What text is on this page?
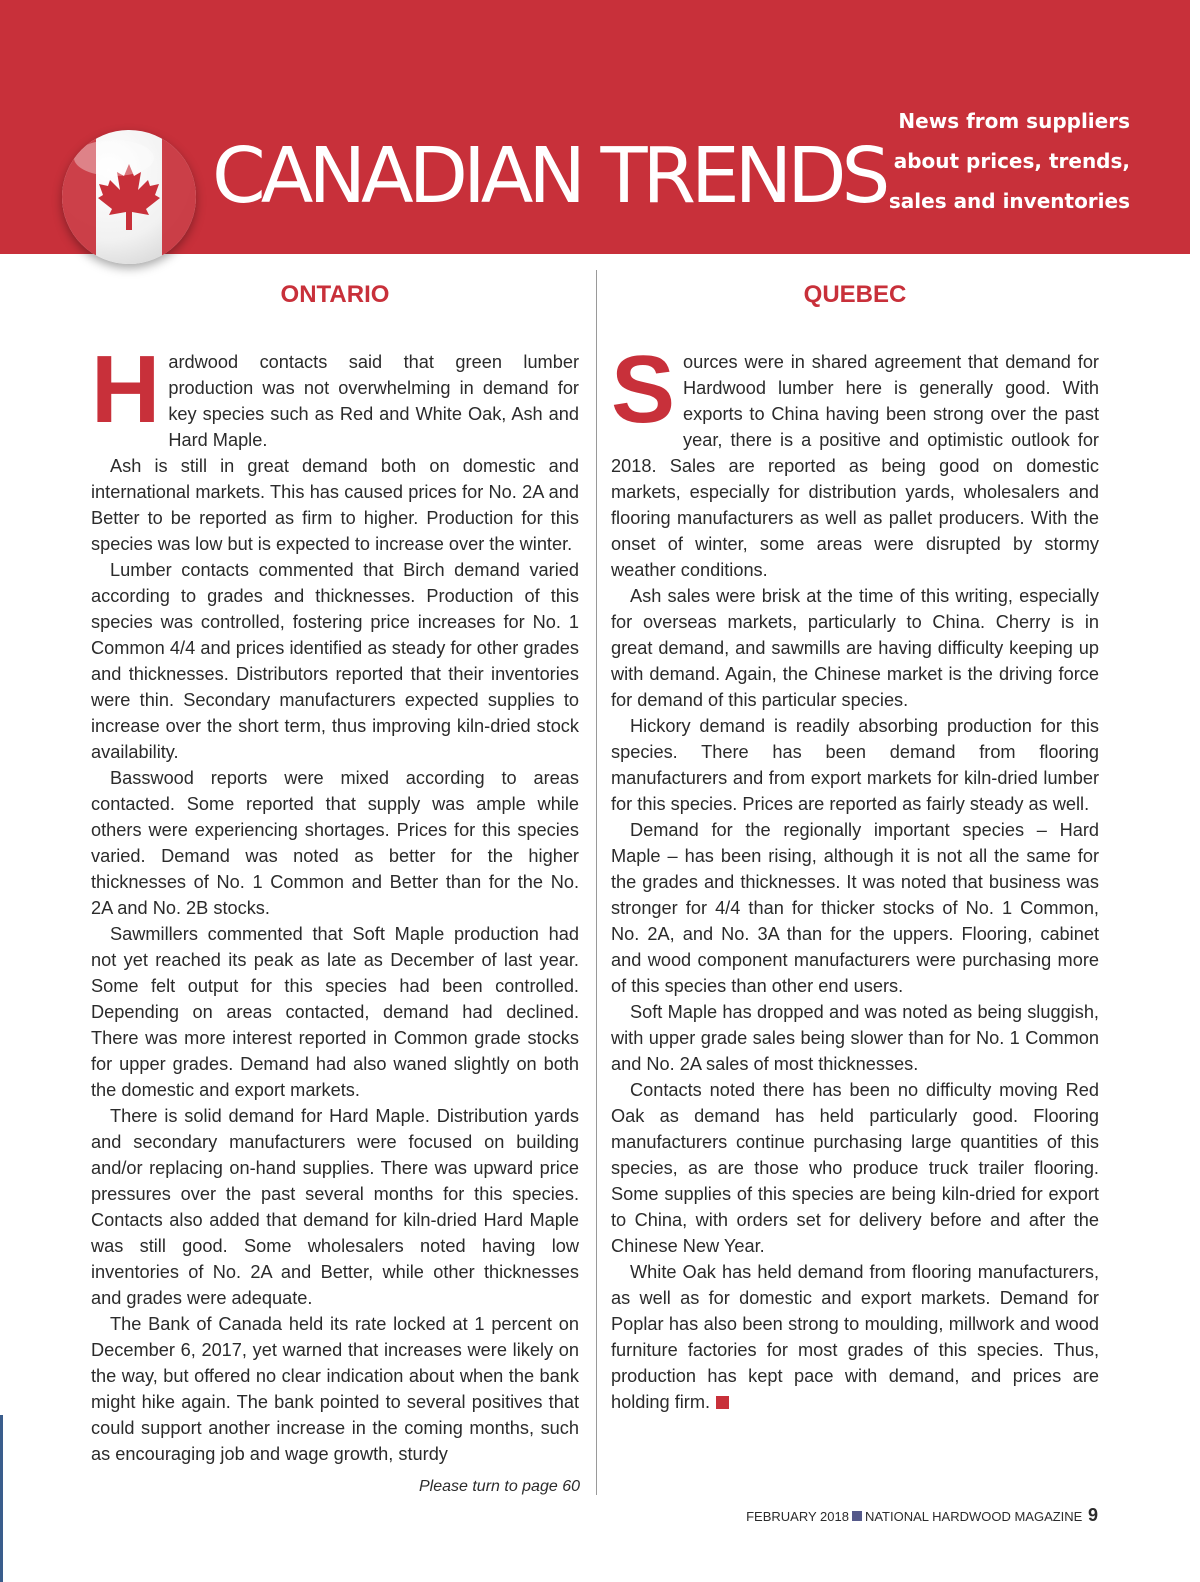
CANADIAN TRENDS
News from suppliers
about prices, trends,
sales and inventories
ONTARIO

Hardwood contacts said that green lumber production was not overwhelming in demand for key species such as Red and White Oak, Ash and Hard Maple.

Ash is still in great demand both on domestic and international markets. This has caused prices for No. 2A and Better to be reported as firm to higher. Production for this species was low but is expected to increase over the winter.

Lumber contacts commented that Birch demand varied according to grades and thicknesses. Production of this species was controlled, fostering price increases for No. 1 Common 4/4 and prices identified as steady for other grades and thicknesses. Distributors reported that their inventories were thin. Secondary manufacturers expected supplies to increase over the short term, thus improving kiln-dried stock availability.

Basswood reports were mixed according to areas contacted. Some reported that supply was ample while others were experiencing shortages. Prices for this species varied. Demand was noted as better for the higher thicknesses of No. 1 Common and Better than for the No. 2A and No. 2B stocks.

Sawmillers commented that Soft Maple production had not yet reached its peak as late as December of last year. Some felt output for this species had been controlled. Depending on areas contacted, demand had declined. There was more interest reported in Common grade stocks for upper grades. Demand had also waned slightly on both the domestic and export markets.

There is solid demand for Hard Maple. Distribution yards and secondary manufacturers were focused on building and/or replacing on-hand supplies. There was upward price pressures over the past several months for this species. Contacts also added that demand for kiln-dried Hard Maple was still good. Some wholesalers noted having low inventories of No. 2A and Better, while other thicknesses and grades were adequate.

The Bank of Canada held its rate locked at 1 percent on December 6, 2017, yet warned that increases were likely on the way, but offered no clear indication about when the bank might hike again. The bank pointed to several positives that could support another increase in the coming months, such as encouraging job and wage growth, sturdy

Please turn to page 60
QUEBEC

Sources were in shared agreement that demand for Hardwood lumber here is generally good. With exports to China having been strong over the past year, there is a positive and optimistic outlook for 2018. Sales are reported as being good on domestic markets, especially for distribution yards, wholesalers and flooring manufacturers as well as pallet producers. With the onset of winter, some areas were disrupted by stormy weather conditions.

Ash sales were brisk at the time of this writing, especially for overseas markets, particularly to China. Cherry is in great demand, and sawmills are having difficulty keeping up with demand. Again, the Chinese market is the driving force for demand of this particular species.

Hickory demand is readily absorbing production for this species. There has been demand from flooring manufacturers and from export markets for kiln-dried lumber for this species. Prices are reported as fairly steady as well.

Demand for the regionally important species – Hard Maple – has been rising, although it is not all the same for the grades and thicknesses. It was noted that business was stronger for 4/4 than for thicker stocks of No. 1 Common, No. 2A, and No. 3A than for the uppers. Flooring, cabinet and wood component manufacturers were purchasing more of this species than other end users.

Soft Maple has dropped and was noted as being sluggish, with upper grade sales being slower than for No. 1 Common and No. 2A sales of most thicknesses.

Contacts noted there has been no difficulty moving Red Oak as demand has held particularly good. Flooring manufacturers continue purchasing large quantities of this species, as are those who produce truck trailer flooring. Some supplies of this species are being kiln-dried for export to China, with orders set for delivery before and after the Chinese New Year.

White Oak has held demand from flooring manufacturers, as well as for domestic and export markets. Demand for Poplar has also been strong to moulding, millwork and wood furniture factories for most grades of this species. Thus, production has kept pace with demand, and prices are holding firm.

FEBRUARY 2018 NATIONAL HARDWOOD MAGAZINE 9
